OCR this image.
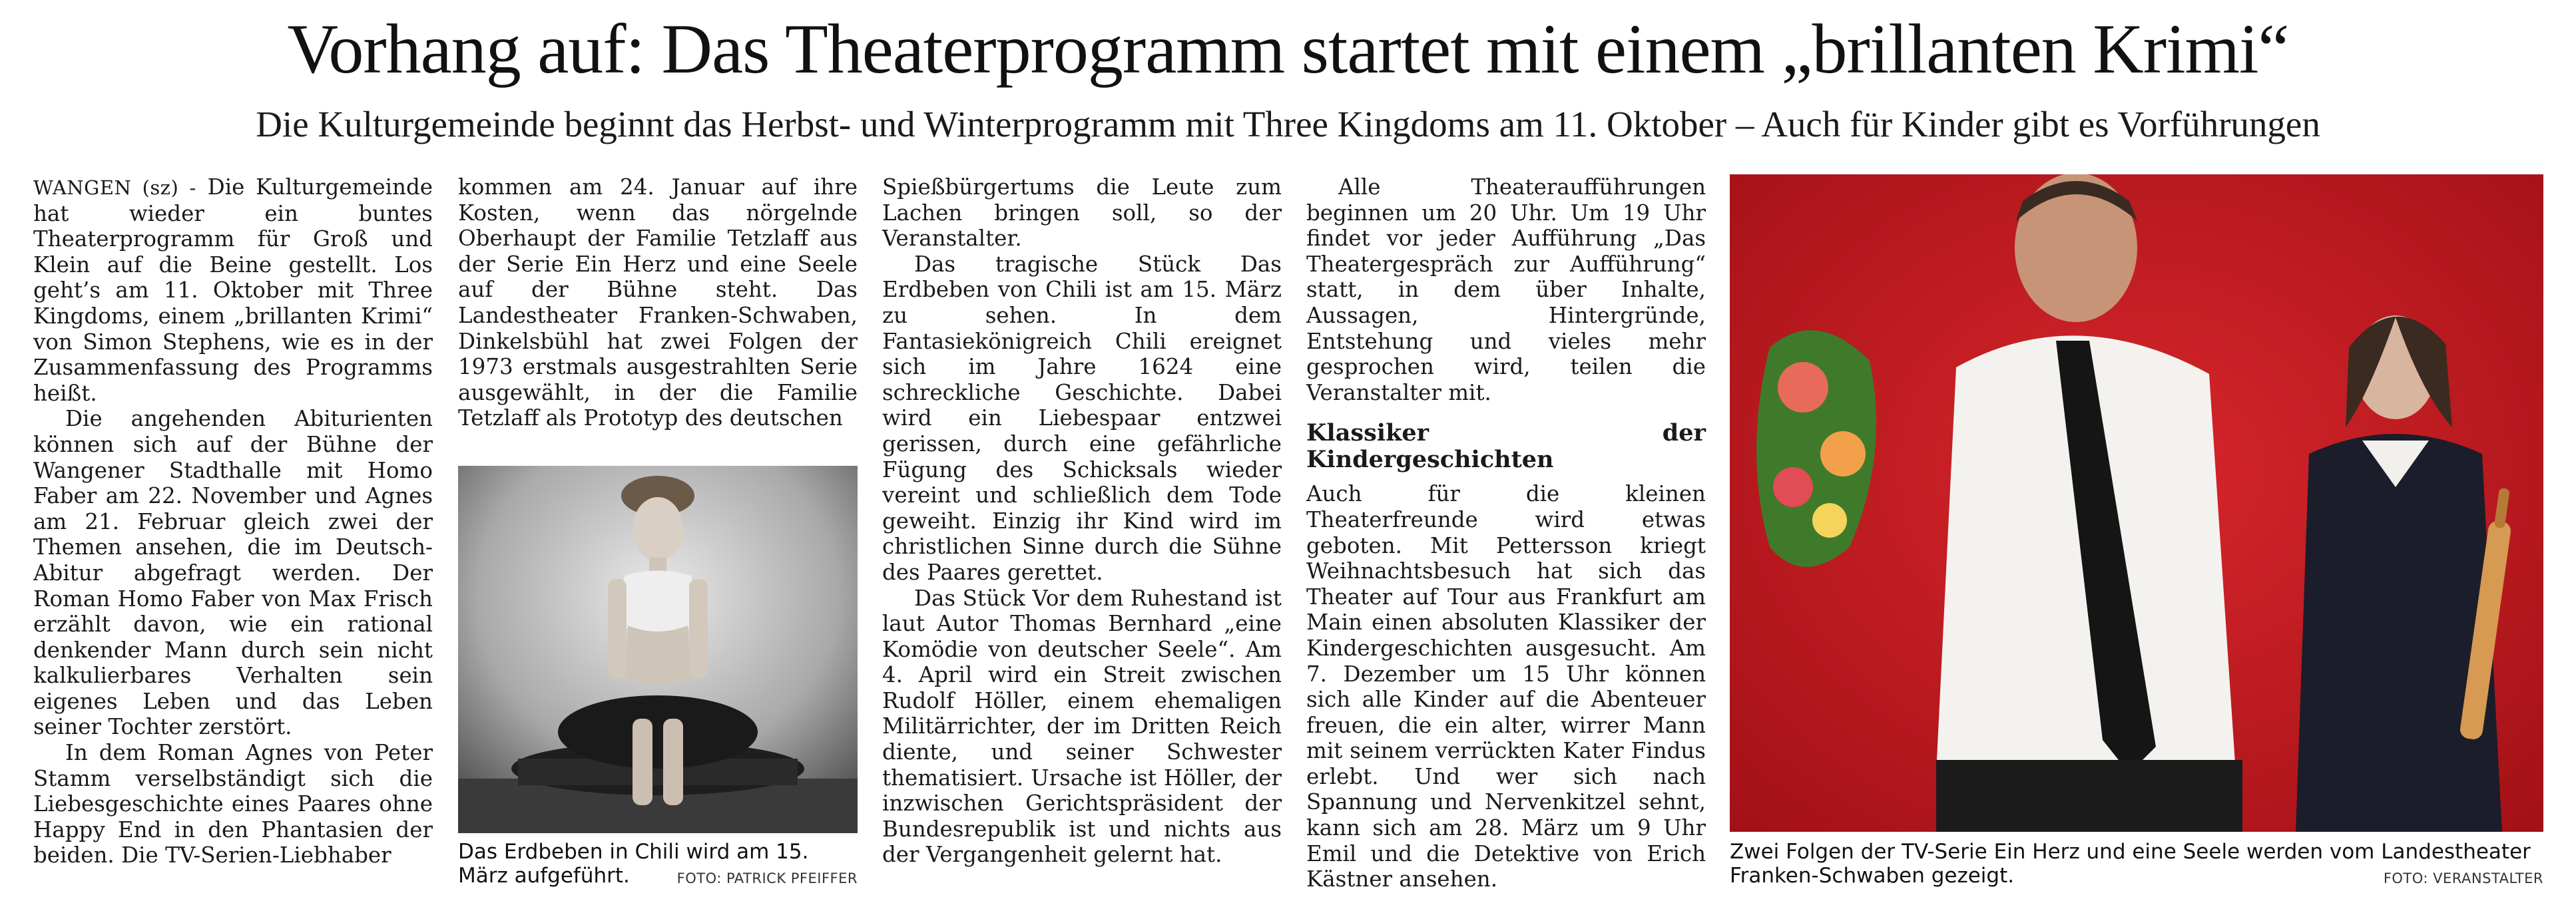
Vorhang auf: Das Theaterprogramm startet mit einem „brillanten Krimi“
Die Kulturgemeinde beginnt das Herbst- und Winterprogramm mit Three Kingdoms am 11. Oktober – Auch für Kinder gibt es Vorführungen

WANGEN (sz) - Die Kulturgemeinde hat wieder ein buntes Theaterprogramm für Groß und Klein auf die Beine gestellt. Los geht’s am 11. Oktober mit Three Kingdoms, einem „brillanten Krimi“ von Simon Stephens, wie es in der Zusammenfassung des Programms heißt.

Die angehenden Abiturienten können sich auf der Bühne der Wangener Stadthalle mit Homo Faber am 22. November und Agnes am 21. Februar gleich zwei der Themen ansehen, die im Deutsch-Abitur abgefragt werden. Der Roman Homo Faber von Max Frisch erzählt davon, wie ein rational denkender Mann durch sein nicht kalkulierbares Verhalten sein eigenes Leben und das Leben seiner Tochter zerstört.

In dem Roman Agnes von Peter Stamm verselbständigt sich die Liebesgeschichte eines Paares ohne Happy End in den Phantasien der beiden. Die TV-Serien-Liebhaber

kommen am 24. Januar auf ihre Kosten, wenn das nörgelnde Oberhaupt der Familie Tetzlaff aus der Serie Ein Herz und eine Seele auf der Bühne steht. Das Landestheater Franken-Schwaben, Dinkelsbühl hat zwei Folgen der 1973 erstmals ausgestrahlten Serie ausgewählt, in der die Familie Tetzlaff als Prototyp des deutschen

Das Erdbeben in Chili wird am 15. März aufgeführt.	FOTO: PATRICK PFEIFFER

Spießbürgertums die Leute zum Lachen bringen soll, so der Veranstalter.

Das tragische Stück Das Erdbeben von Chili ist am 15. März zu sehen. In dem Fantasiekönigreich Chili ereignet sich im Jahre 1624 eine schreckliche Geschichte. Dabei wird ein Liebespaar entzwei gerissen, durch eine gefährliche Fügung des Schicksals wieder vereint und schließlich dem Tode geweiht. Einzig ihr Kind wird im christlichen Sinne durch die Sühne des Paares gerettet.

Das Stück Vor dem Ruhestand ist laut Autor Thomas Bernhard „eine Komödie von deutscher Seele“. Am 4. April wird ein Streit zwischen Rudolf Höller, einem ehemaligen Militärrichter, der im Dritten Reich diente, und seiner Schwester thematisiert. Ursache ist Höller, der inzwischen Gerichtspräsident der Bundesrepublik ist und nichts aus der Vergangenheit gelernt hat.

Alle Theateraufführungen beginnen um 20 Uhr. Um 19 Uhr findet vor jeder Aufführung „Das Theatergespräch zur Aufführung“ statt, in dem über Inhalte, Aussagen, Hintergründe, Entstehung und vieles mehr gesprochen wird, teilen die Veranstalter mit.

Klassiker der Kindergeschichten

Auch für die kleinen Theaterfreunde wird etwas geboten. Mit Pettersson kriegt Weihnachtsbesuch hat sich das Theater auf Tour aus Frankfurt am Main einen absoluten Klassiker der Kindergeschichten ausgesucht. Am 7. Dezember um 15 Uhr können sich alle Kinder auf die Abenteuer freuen, die ein alter, wirrer Mann mit seinem verrückten Kater Findus erlebt. Und wer sich nach Spannung und Nervenkitzel sehnt, kann sich am 28. März um 9 Uhr Emil und die Detektive von Erich Kästner ansehen.

Zwei Folgen der TV-Serie Ein Herz und eine Seele werden vom Landestheater Franken-Schwaben gezeigt.	FOTO: VERANSTALTER
